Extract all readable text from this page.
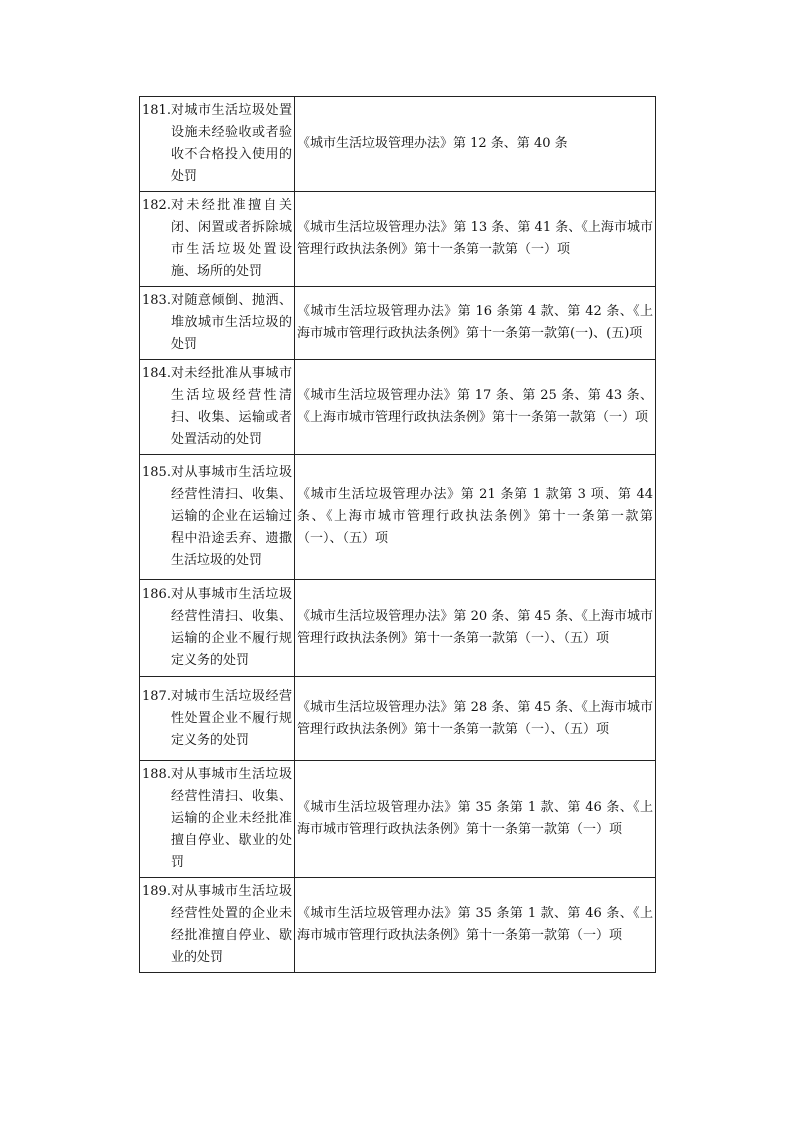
181. 对城市生活垃圾处置设施未经验收或者验收不合格投入使用的处罚	《城市生活垃圾管理办法》第 12 条、第 40 条

182. 对未经批准擅自关闭、闲置或者拆除城市生活垃圾处置设施、场所的处罚	《城市生活垃圾管理办法》第 13 条、第 41 条、《上海市城市管理行政执法条例》第十一条第一款第（一）项

183. 对随意倾倒、抛洒、堆放城市生活垃圾的处罚	《城市生活垃圾管理办法》第 16 条第 4 款、第 42 条、《上海市城市管理行政执法条例》第十一条第一款第(一)、(五)项

184. 对未经批准从事城市生活垃圾经营性清扫、收集、运输或者处置活动的处罚	《城市生活垃圾管理办法》第 17 条、第 25 条、第 43 条、《上海市城市管理行政执法条例》第十一条第一款第（一）项

185. 对从事城市生活垃圾经营性清扫、收集、运输的企业在运输过程中沿途丢弃、遗撒生活垃圾的处罚	《城市生活垃圾管理办法》第 21 条第 1 款第 3 项、第 44 条、《上海市城市管理行政执法条例》第十一条第一款第（一）、（五）项

186. 对从事城市生活垃圾经营性清扫、收集、运输的企业不履行规定义务的处罚	《城市生活垃圾管理办法》第 20 条、第 45 条、《上海市城市管理行政执法条例》第十一条第一款第（一）、（五）项

187. 对城市生活垃圾经营性处置企业不履行规定义务的处罚	《城市生活垃圾管理办法》第 28 条、第 45 条、《上海市城市管理行政执法条例》第十一条第一款第（一）、（五）项

188. 对从事城市生活垃圾经营性清扫、收集、运输的企业未经批准擅自停业、歇业的处罚	《城市生活垃圾管理办法》第 35 条第 1 款、第 46 条、《上海市城市管理行政执法条例》第十一条第一款第（一）项

189. 对从事城市生活垃圾经营性处置的企业未经批准擅自停业、歇业的处罚	《城市生活垃圾管理办法》第 35 条第 1 款、第 46 条、《上海市城市管理行政执法条例》第十一条第一款第（一）项
